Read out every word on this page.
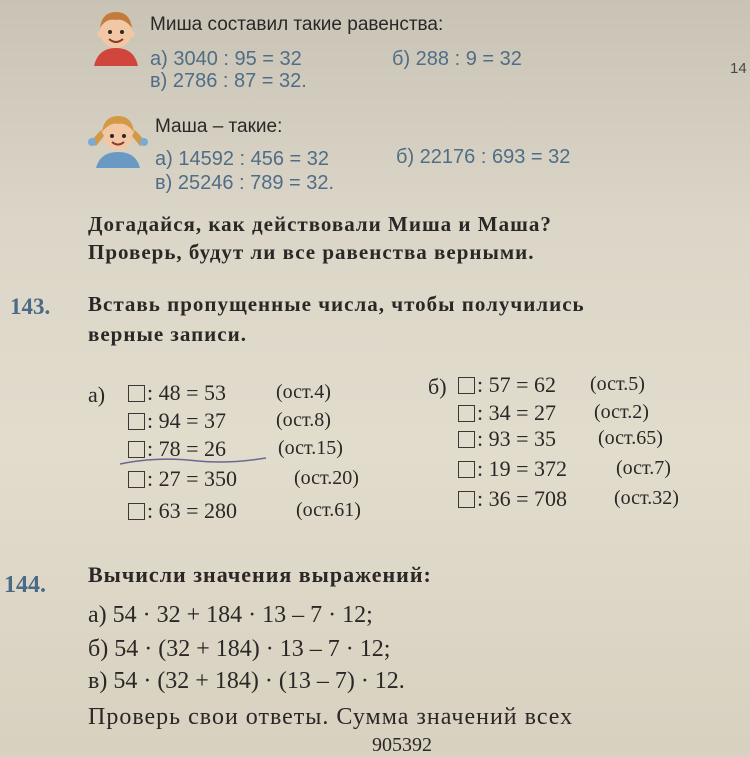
Миша составил такие равенства:
а) 3040 : 95 = 32	б) 288 : 9 = 32
в) 2786 : 87 = 32.
Маша – такие:
а) 14592 : 456 = 32	б) 22176 : 693 = 32
в) 25246 : 789 = 32.
Догадайся, как действовали Миша и Маша?
Проверь, будут ли все равенства верными.
143. Вставь пропущенные числа, чтобы получились
верные записи.
а)	б)
: 48 = 53 (ост.4)
: 94 = 37 (ост.8)
: 78 = 26	(ост.15)
: 27 = 350	(ост.20)
: 63 = 280	(ост.61)
: 57 = 62 (ост.5)
: 34 = 27 (ост.2)
: 93 = 35 (ост.65)
: 19 = 372 (ост.7)
: 36 = 708 (ост.32)
144. Вычисли значения выражений:
а) 54 · 32 + 184 · 13 – 7 · 12;
б) 54 · (32 + 184) · 13 – 7 · 12;
в) 54 · (32 + 184) · (13 – 7) · 12.
Проверь свои ответы. Сумма значений всех
905392
14
